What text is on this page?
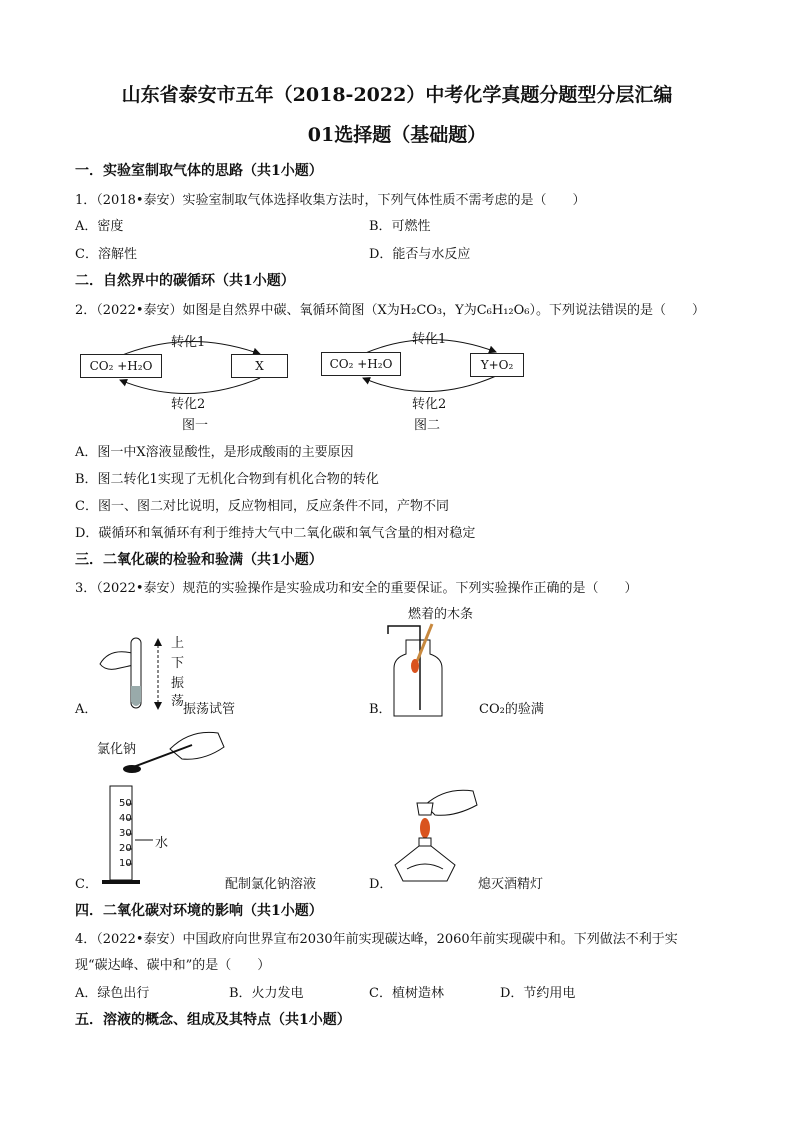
山东省泰安市五年（2018-2022）中考化学真题分题型分层汇编
01选择题（基础题）
一．实验室制取气体的思路（共1小题）
1．（2018•泰安）实验室制取气体选择收集方法时，下列气体性质不需考虑的是（　　）
A．密度	B．可燃性
C．溶解性	D．能否与水反应
二．自然界中的碳循环（共1小题）
2．（2022•泰安）如图是自然界中碳、氧循环简图（X为H₂CO₃，Y为C₆H₁₂O₆）。下列说法错误的是（　　）
CO₂ +H₂O	X
转化1
转化2
图一
CO₂ +H₂O	Y+O₂
转化1
转化2
图二
A．图一中X溶液显酸性，是形成酸雨的主要原因
B．图二转化1实现了无机化合物到有机化合物的转化
C．图一、图二对比说明，反应物相同，反应条件不同，产物不同
D．碳循环和氧循环有利于维持大气中二氧化碳和氧气含量的相对稳定
三．二氧化碳的检验和验满（共1小题）
3．（2022•泰安）规范的实验操作是实验成功和安全的重要保证。下列实验操作正确的是（　　）
上
下
振
荡
A．	振荡试管
燃着的木条
B．	CO₂的验满
氯化钠
50
40
30
20
10
水
C．	配制氯化钠溶液	D．	熄灭酒精灯
四．二氧化碳对环境的影响（共1小题）
4．（2022•泰安）中国政府向世界宣布2030年前实现碳达峰，2060年前实现碳中和。下列做法不利于实
现“碳达峰、碳中和”的是（　　）
A．绿色出行	B．火力发电	C．植树造林	D．节约用电
五．溶液的概念、组成及其特点（共1小题）
